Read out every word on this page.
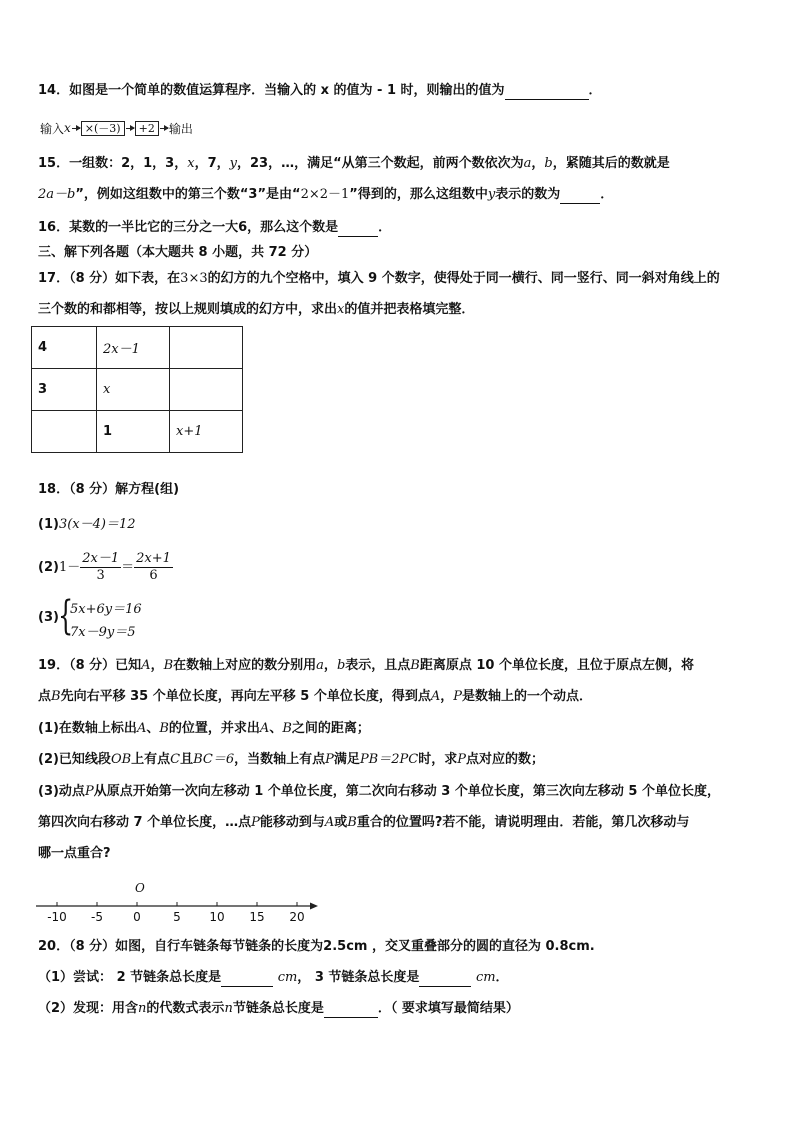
14．如图是一个简单的数值运算程序．当输入的 x 的值为 - 1 时，则输出的值为	．
输入 x	×(－3)	+2	输出
15．一组数：2，1，3，x，7，y，23，…，满足“从第三个数起，前两个数依次为a，b，紧随其后的数就是
2a－b”，例如这组数中的第三个数“3”是由“2×2－1”得到的，那么这组数中y表示的数为	．
16．某数的一半比它的三分之一大6，那么这个数是	．
三、解下列各题（本大题共 8 小题，共 72 分）
17．（8 分）如下表，在3×3的幻方的九个空格中，填入 9 个数字，使得处于同一横行、同一竖行、同一斜对角线上的
三个数的和都相等，按以上规则填成的幻方中，求出x的值并把表格填完整．
4	2x－1	
3	x	
	1	x+1
18．（8 分）解方程(组)
(1)3(x－4)＝12
$(2)1- \frac{2x-1}{3} = \frac{2x+1}{6}$
(3) {
5x+6y＝16
7x－9y＝5
19．（8 分）已知A，B在数轴上对应的数分别用a，b表示，且点B距离原点 10 个单位长度，且位于原点左侧，将
点B先向右平移 35 个单位长度，再向左平移 5 个单位长度，得到点A，P是数轴上的一个动点．
(1)在数轴上标出A、B的位置，并求出A、B之间的距离；
(2)已知线段OB上有点C且BC＝6，当数轴上有点P满足PB＝2PC时，求P点对应的数；
(3)动点P从原点开始第一次向左移动 1 个单位长度，第二次向右移动 3 个单位长度，第三次向左移动 5 个单位长度，
第四次向右移动 7 个单位长度，…点P能移动到与A或B重合的位置吗?若不能，请说明理由．若能，第几次移动与
哪一点重合?
O
-10 -5	0	5 10 15 20
20．（8 分）如图，自行车链条每节链条的长度为2.5cm ，交叉重叠部分的圆的直径为 0.8cm.
（1）尝试： 2 节链条总长度是	cm， 3 节链条总长度是	cm．
（2）发现：用含n的代数式表示n节链条总长度是	．（ 要求填写最简结果）
